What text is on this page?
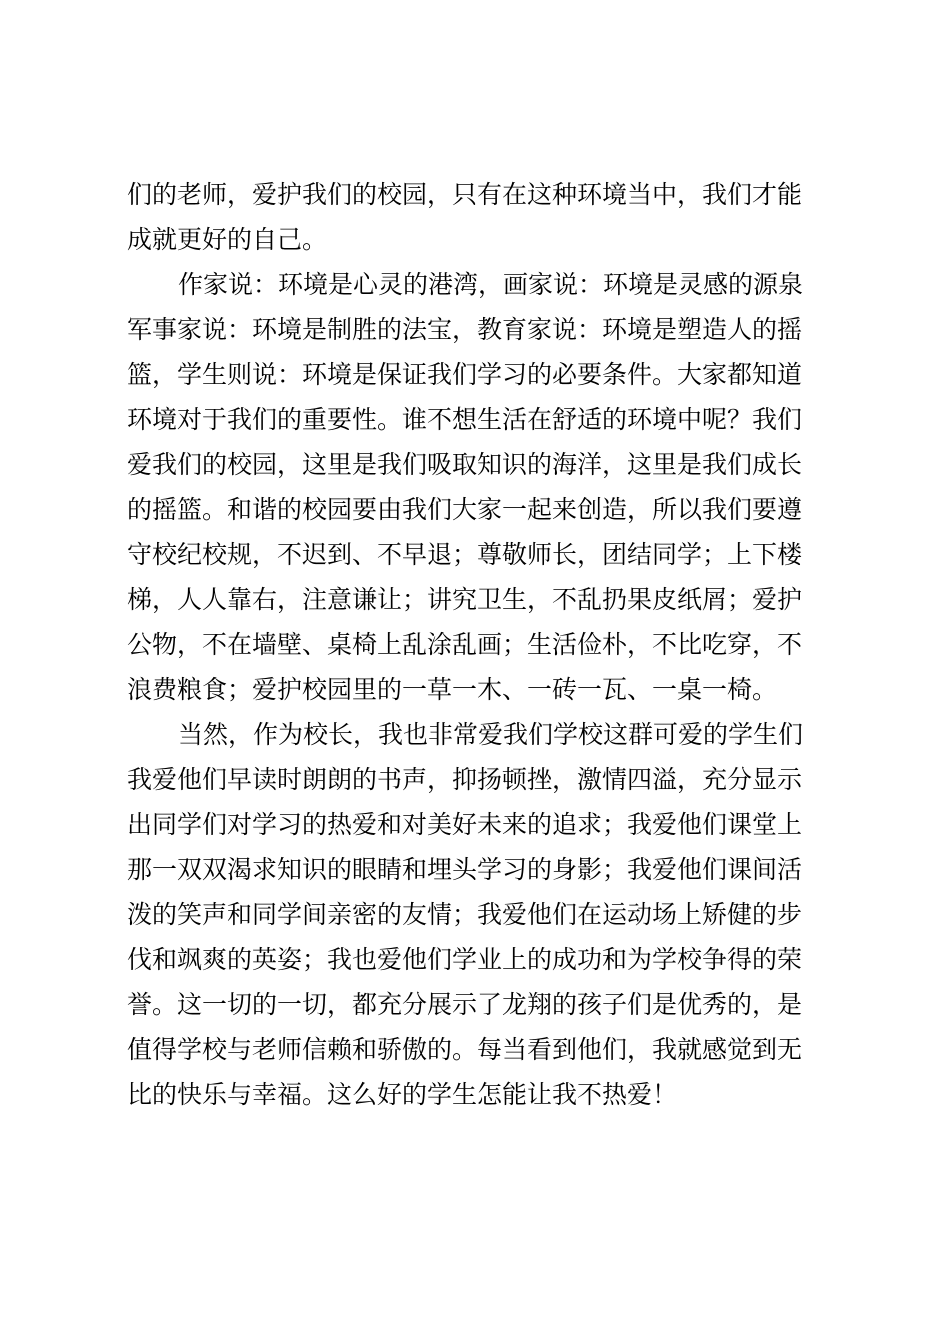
们的老师，爱护我们的校园，只有在这种环境当中，我们才能
成就更好的自己。
作家说：环境是心灵的港湾，画家说：环境是灵感的源泉
军事家说：环境是制胜的法宝，教育家说：环境是塑造人的摇
篮，学生则说：环境是保证我们学习的必要条件。大家都知道
环境对于我们的重要性。谁不想生活在舒适的环境中呢？我们
爱我们的校园，这里是我们吸取知识的海洋，这里是我们成长
的摇篮。和谐的校园要由我们大家一起来创造，所以我们要遵
守校纪校规，不迟到、不早退；尊敬师长，团结同学；上下楼
梯，人人靠右，注意谦让；讲究卫生，不乱扔果皮纸屑；爱护
公物，不在墙壁、桌椅上乱涂乱画；生活俭朴，不比吃穿，不
浪费粮食；爱护校园里的一草一木、一砖一瓦、一桌一椅。
当然，作为校长，我也非常爱我们学校这群可爱的学生们
我爱他们早读时朗朗的书声，抑扬顿挫，激情四溢，充分显示
出同学们对学习的热爱和对美好未来的追求；我爱他们课堂上
那一双双渴求知识的眼睛和埋头学习的身影；我爱他们课间活
泼的笑声和同学间亲密的友情；我爱他们在运动场上矫健的步
伐和飒爽的英姿；我也爱他们学业上的成功和为学校争得的荣
誉。这一切的一切，都充分展示了龙翔的孩子们是优秀的，是
值得学校与老师信赖和骄傲的。每当看到他们，我就感觉到无
比的快乐与幸福。这么好的学生怎能让我不热爱！
